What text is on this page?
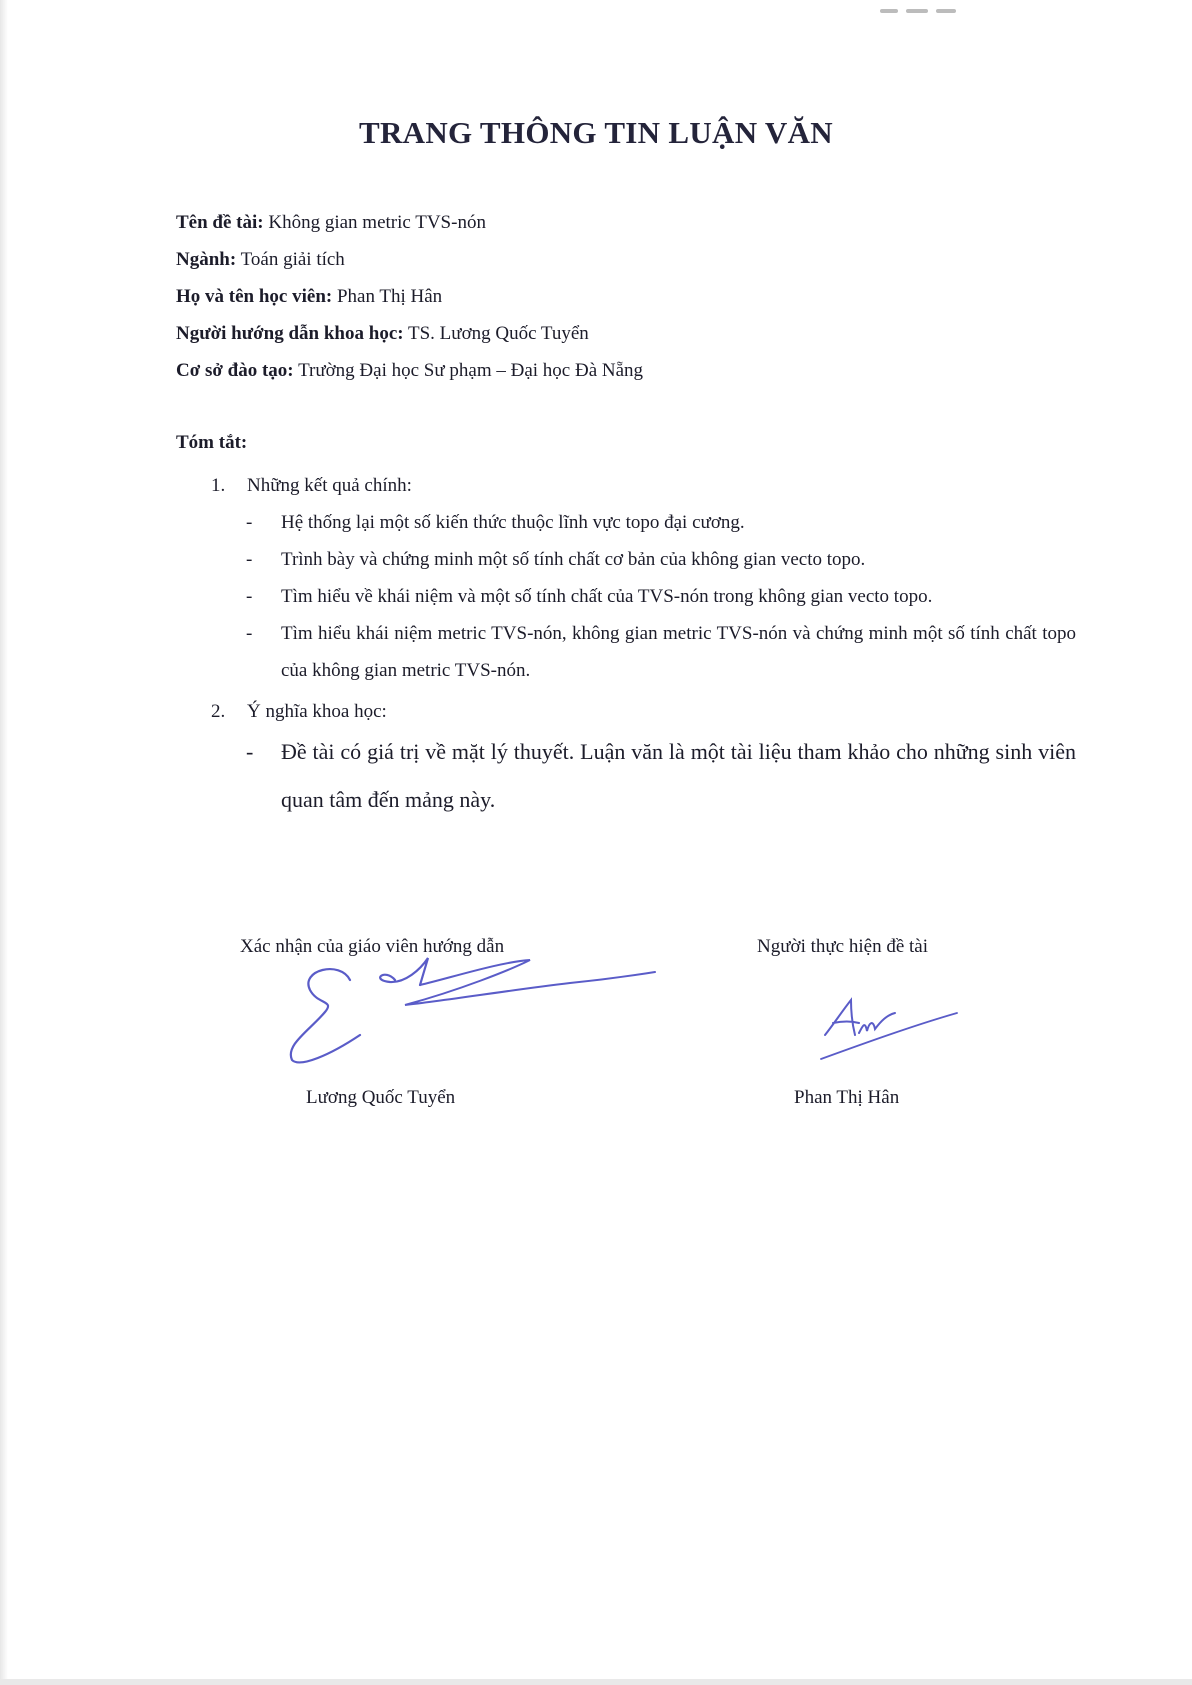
TRANG THÔNG TIN LUẬN VĂN
Tên đề tài: Không gian metric TVS-nón
Ngành: Toán giải tích
Họ và tên học viên: Phan Thị Hân
Người hướng dẫn khoa học: TS. Lương Quốc Tuyển
Cơ sở đào tạo: Trường Đại học Sư phạm – Đại học Đà Nẵng
Tóm tắt:
1. Những kết quả chính:
- Hệ thống lại một số kiến thức thuộc lĩnh vực topo đại cương.
- Trình bày và chứng minh một số tính chất cơ bản của không gian vecto topo.
- Tìm hiểu về khái niệm và một số tính chất của TVS-nón trong không gian vecto topo.
- Tìm hiểu khái niệm metric TVS-nón, không gian metric TVS-nón và chứng minh một số tính chất topo của không gian metric TVS-nón.
2. Ý nghĩa khoa học:
- Đề tài có giá trị về mặt lý thuyết. Luận văn là một tài liệu tham khảo cho những sinh viên quan tâm đến mảng này.
Xác nhận của giáo viên hướng dẫn	Người thực hiện đề tài
Lương Quốc Tuyển	Phan Thị Hân
